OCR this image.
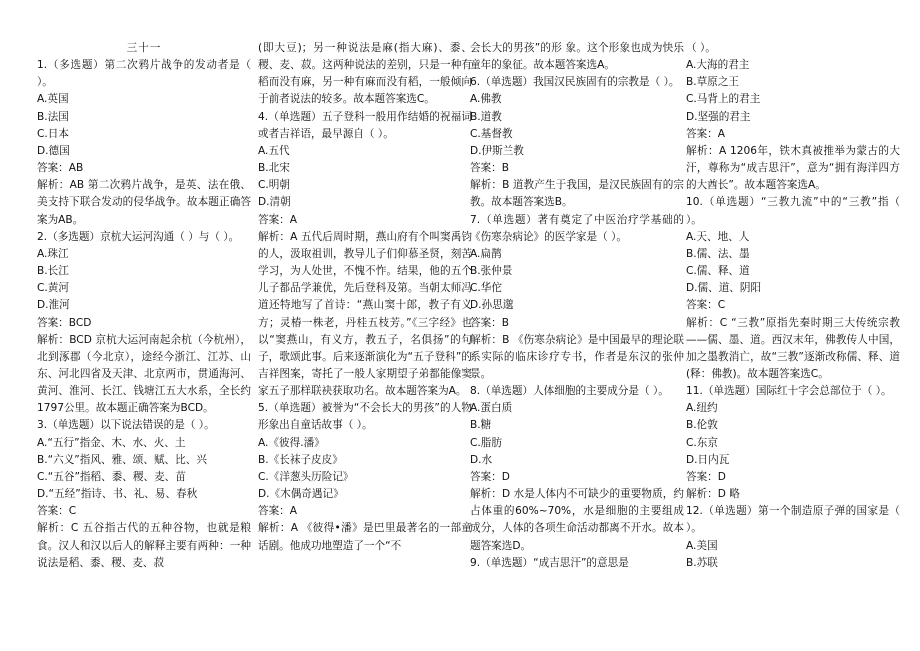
三十一

1.（多选题）第二次鸦片战争的发动者是（ ）。

A.英国

B.法国

C.日本

D.德国

答案：AB

解析：AB 第二次鸦片战争，是英、法在俄、美支持下联合发动的侵华战争。故本题正确答案为AB。

2.（多选题）京杭大运河沟通（ ）与（ ）。

A.珠江

B.长江

C.黄河

D.淮河

答案：BCD

解析：BCD 京杭大运河南起余杭（今杭州），北到涿郡（今北京），途经今浙江、江苏、山东、河北四省及天津、北京两市，贯通海河、黄河、淮河、长江、钱塘江五大水系，全长约1797公里。故本题正确答案为BCD。

3.（单选题）以下说法错误的是（ ）。

A.“五行”指金、木、水、火、土

B.“六义”指风、雅、颂、赋、比、兴

C.“五谷”指稻、黍、稷、麦、苗

D.“五经”指诗、书、礼、易、春秋

答案：C

解析：C 五谷指古代的五种谷物，也就是粮食。汉人和汉以后人的解释主要有两种：一种说法是稻、黍、稷、麦、菽

(即大豆)；另一种说法是麻(指大麻)、黍、稷、麦、菽。这两种说法的差别，只是一种有稻而没有麻，另一种有麻而没有稻，一般倾向于前者说法的较多。故本题答案选C。

4.（单选题）五子登科一般用作结婚的祝福词或者吉祥语，最早源自（ ）。

A.五代

B.北宋

C.明朝

D.清朝

答案：A

解析：A 五代后周时期，燕山府有个叫窦禹钧的人，汲取祖训，教导儿子们仰慕圣贤，刻苦学习，为人处世，不愧不怍。结果，他的五个儿子都品学兼优，先后登科及第。当朝太师冯道还特地写了首诗：“燕山窦十郎，教子有义方；灵椿一株老，丹桂五枝芳。”《三字经》也以“窦燕山，有义方，教五子，名俱扬”的句子，歌颂此事。后来逐渐演化为“五子登科”的吉祥图案，寄托了一般人家期望子弟都能像窦家五子那样联袂获取功名。故本题答案为A。

5.（单选题）被誉为“不会长大的男孩”的人物形象出自童话故事（ ）。

A.《彼得.潘》

B.《长袜子皮皮》

C.《洋葱头历险记》

D.《木偶奇遇记》

答案：A

解析：A 《彼得•潘》是巴里最著名的一部童话剧。他成功地塑造了一个“不

会长大的男孩”的形 象。这个形象也成为快乐童年的象征。故本题答案选A。

6.（单选题）我国汉民族固有的宗教是（ ）。

A.佛教

B.道教

C.基督教

D.伊斯兰教

答案：B

解析：B 道教产生于我国，是汉民族固有的宗教。故本题答案选B。

7.（单选题）著有奠定了中医治疗学基础的《伤寒杂病论》的医学家是（ ）。

A.扁鹊

B.张仲景

C.华佗

D.孙思邈

答案：B

解析：B 《伤寒杂病论》是中国最早的理论联系实际的临床诊疗专书，作者是东汉的张仲景。

8.（单选题）人体细胞的主要成分是（ ）。

A.蛋白质

B.糖

C.脂肪

D.水

答案：D

解析：D 水是人体内不可缺少的重要物质，约占体重的60%~70%，水是细胞的主要组成成分，人体的各项生命活动都离不开水。故本题答案选D。

9.（单选题）“成吉思汗”的意思是

（ ）。

A.大海的君主

B.草原之王

C.马背上的君主

D.坚强的君主

答案：A

解析：A 1206年，铁木真被推举为蒙古的大汗，尊称为“成吉思汗”，意为“拥有海洋四方的大酋长”。故本题答案选A。

10.（单选题）“三教九流”中的“三教”指（ ）。

A.天、地、人

B.儒、法、墨

C.儒、释、道

D.儒、道、阴阳

答案：C

解析：C “三教”原指先秦时期三大传统宗教——儒、墨、道。西汉末年，佛教传人中国，加之墨教消亡，故“三教”逐渐改称儒、释、道(释：佛教)。故本题答案选C。

11.（单选题）国际红十字会总部位于（ ）。

A.纽约

B.伦敦

C.东京

D.日内瓦

答案：D

解析：D 略

12.（单选题）第一个制造原子弹的国家是（ ）。

A.美国

B.苏联
